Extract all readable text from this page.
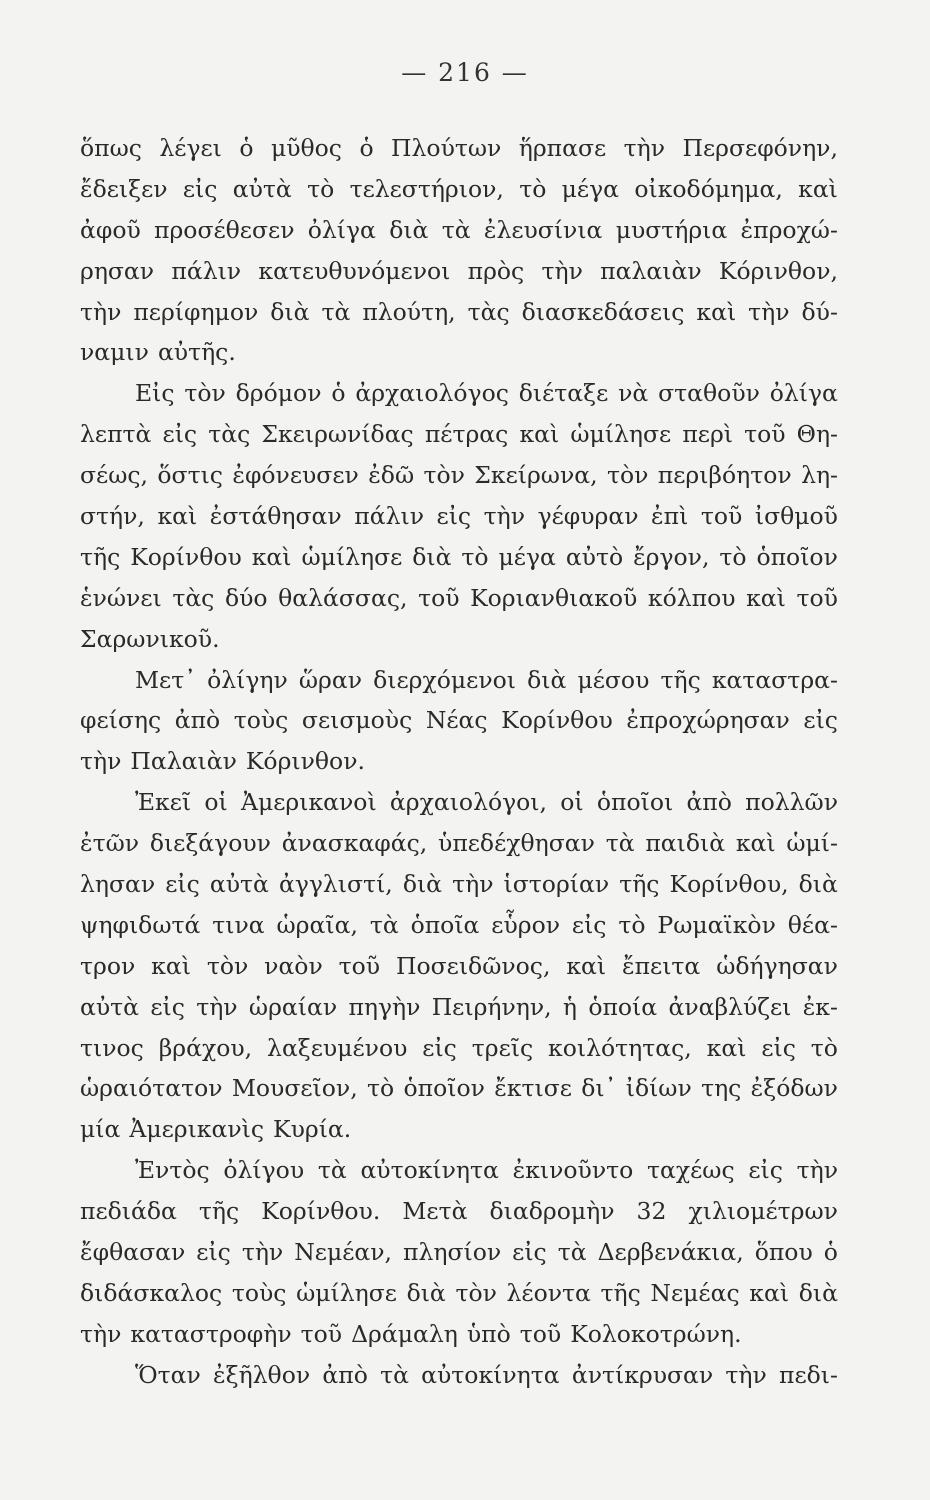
— 216 —
ὅπως λέγει ὁ μῦθος ὁ Πλούτων ἥρπασε τὴν Περσεφόνην,
ἔδειξεν εἰς αὐτὰ τὸ τελεστήριον, τὸ μέγα οἰκοδόμημα, καὶ
ἀφοῦ προσέθεσεν ὀλίγα διὰ τὰ ἐλευσίνια μυστήρια ἐπροχώ-
ρησαν πάλιν κατευθυνόμενοι πρὸς τὴν παλαιὰν Κόρινθον,
τὴν περίφημον διὰ τὰ πλούτη, τὰς διασκεδάσεις καὶ τὴν δύ-
ναμιν αὐτῆς.
Εἰς τὸν δρόμον ὁ ἀρχαιολόγος διέταξε νὰ σταθοῦν ὀλίγα
λεπτὰ εἰς τὰς Σκειρωνίδας πέτρας καὶ ὡμίλησε περὶ τοῦ Θη-
σέως, ὅστις ἐφόνευσεν ἐδῶ τὸν Σκείρωνα, τὸν περιβόητον λη-
στήν, καὶ ἐστάθησαν πάλιν εἰς τὴν γέφυραν ἐπὶ τοῦ ἰσθμοῦ
τῆς Κορίνθου καὶ ὡμίλησε διὰ τὸ μέγα αὐτὸ ἔργον, τὸ ὁποῖον
ἑνώνει τὰς δύο θαλάσσας, τοῦ Κοριανθιακοῦ κόλπου καὶ τοῦ
Σαρωνικοῦ.
Μετ᾽ ὀλίγην ὥραν διερχόμενοι διὰ μέσου τῆς καταστρα-
φείσης ἀπὸ τοὺς σεισμοὺς Νέας Κορίνθου ἐπροχώρησαν εἰς
τὴν Παλαιὰν Κόρινθον.
Ἐκεῖ οἱ Ἀμερικανοὶ ἀρχαιολόγοι, οἱ ὁποῖοι ἀπὸ πολλῶν
ἐτῶν διεξάγουν ἀνασκαφάς, ὑπεδέχθησαν τὰ παιδιὰ καὶ ὡμί-
λησαν εἰς αὐτὰ ἀγγλιστί, διὰ τὴν ἱστορίαν τῆς Κορίνθου, διὰ
ψηφιδωτά τινα ὡραῖα, τὰ ὁποῖα εὗρον εἰς τὸ Ρωμαϊκὸν θέα-
τρον καὶ τὸν ναὸν τοῦ Ποσειδῶνος, καὶ ἔπειτα ὡδήγησαν
αὐτὰ εἰς τὴν ὡραίαν πηγὴν Πειρήνην, ἡ ὁποία ἀναβλύζει ἐκ-
τινος βράχου, λαξευμένου εἰς τρεῖς κοιλότητας, καὶ εἰς τὸ
ὡραιότατον Μουσεῖον, τὸ ὁποῖον ἔκτισε δι᾽ ἰδίων της ἐξόδων
μία Ἀμερικανὶς Κυρία.
Ἐντὸς ὀλίγου τὰ αὐτοκίνητα ἐκινοῦντο ταχέως εἰς τὴν
πεδιάδα τῆς Κορίνθου. Μετὰ διαδρομὴν 32 χιλιομέτρων
ἔφθασαν εἰς τὴν Νεμέαν, πλησίον εἰς τὰ Δερβενάκια, ὅπου ὁ
διδάσκαλος τοὺς ὡμίλησε διὰ τὸν λέοντα τῆς Νεμέας καὶ διὰ
τὴν καταστροφὴν τοῦ Δράμαλη ὑπὸ τοῦ Κολοκοτρώνη.
Ὅταν ἐξῆλθον ἀπὸ τὰ αὐτοκίνητα ἀντίκρυσαν τὴν πεδι-
